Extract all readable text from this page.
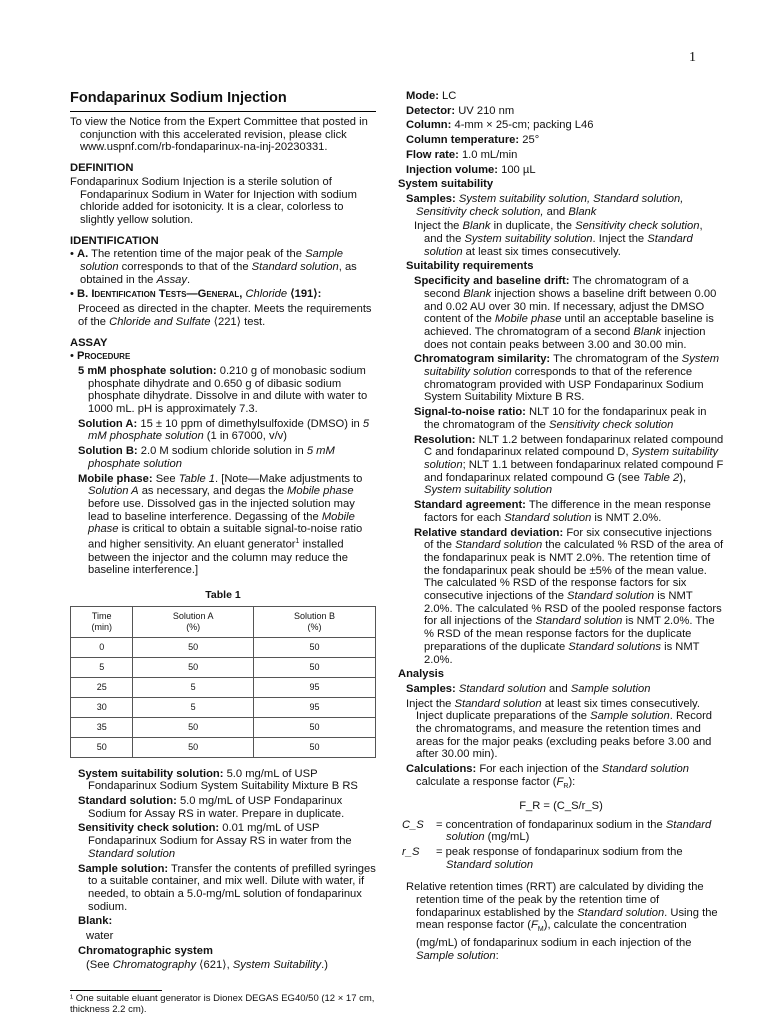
1
Fondaparinux Sodium Injection

To view the Notice from the Expert Committee that posted in conjunction with this accelerated revision, please click www.uspnf.com/rb-fondaparinux-na-inj-20230331.

DEFINITION

Fondaparinux Sodium Injection is a sterile solution of Fondaparinux Sodium in Water for Injection with sodium chloride added for isotonicity. It is a clear, colorless to slightly yellow solution.

IDENTIFICATION

• A. The retention time of the major peak of the Sample solution corresponds to that of the Standard solution, as obtained in the Assay.

• B. Identification Tests—General, Chloride ⟨191⟩:

Proceed as directed in the chapter. Meets the requirements of the Chloride and Sulfate ⟨221⟩ test.

ASSAY

• Procedure

5 mM phosphate solution: 0.210 g of monobasic sodium phosphate dihydrate and 0.650 g of dibasic sodium phosphate dihydrate. Dissolve in and dilute with water to 1000 mL. pH is approximately 7.3.

Solution A: 15 ± 10 ppm of dimethylsulfoxide (DMSO) in 5 mM phosphate solution (1 in 67000, v/v)

Solution B: 2.0 M sodium chloride solution in 5 mM phosphate solution

Mobile phase: See Table 1. [Note—Make adjustments to Solution A as necessary, and degas the Mobile phase before use. Dissolved gas in the injected solution may lead to baseline interference. Degassing of the Mobile phase is critical to obtain a suitable signal-to-noise ratio and higher sensitivity. An eluant generator$^1$ installed between the injector and the column may reduce the baseline interference.]

Table 1
Time
(min)	Solution A
(%)	Solution B
(%)
0	50	50
5	50	50
25	5	95
30	5	95
35	50	50
50	50	50

System suitability solution: 5.0 mg/mL of USP Fondaparinux Sodium System Suitability Mixture B RS

Standard solution: 5.0 mg/mL of USP Fondaparinux Sodium for Assay RS in water. Prepare in duplicate.

Sensitivity check solution: 0.01 mg/mL of USP Fondaparinux Sodium for Assay RS in water from the Standard solution

Sample solution: Transfer the contents of prefilled syringes to a suitable container, and mix well. Dilute with water, if needed, to obtain a 5.0-mg/mL solution of fondaparinux sodium.

Blank:

water

Chromatographic system

(See Chromatography ⟨621⟩, System Suitability.)

¹ One suitable eluant generator is Dionex DEGAS EG40/50 (12 × 17 cm, thickness 2.2 cm).

Mode: LC

Detector: UV 210 nm

Column: 4-mm × 25-cm; packing L46

Column temperature: 25°

Flow rate: 1.0 mL/min

Injection volume: 100 µL

System suitability

Samples: System suitability solution, Standard solution, Sensitivity check solution, and Blank

Inject the Blank in duplicate, the Sensitivity check solution, and the System suitability solution. Inject the Standard solution at least six times consecutively.

Suitability requirements

Specificity and baseline drift: The chromatogram of a second Blank injection shows a baseline drift between 0.00 and 0.02 AU over 30 min. If necessary, adjust the DMSO content of the Mobile phase until an acceptable baseline is achieved. The chromatogram of a second Blank injection does not contain peaks between 3.00 and 30.00 min.

Chromatogram similarity: The chromatogram of the System suitability solution corresponds to that of the reference chromatogram provided with USP Fondaparinux Sodium System Suitability Mixture B RS.

Signal-to-noise ratio: NLT 10 for the fondaparinux peak in the chromatogram of the Sensitivity check solution

Resolution: NLT 1.2 between fondaparinux related compound C and fondaparinux related compound D, System suitability solution; NLT 1.1 between fondaparinux related compound F and fondaparinux related compound G (see Table 2), System suitability solution

Standard agreement: The difference in the mean response factors for each Standard solution is NMT 2.0%.

Relative standard deviation: For six consecutive injections of the Standard solution the calculated % RSD of the area of the fondaparinux peak is NMT 2.0%. The retention time of the fondaparinux peak should be ±5% of the mean value. The calculated % RSD of the response factors for six consecutive injections of the Standard solution is NMT 2.0%. The calculated % RSD of the pooled response factors for all injections of the Standard solution is NMT 2.0%. The % RSD of the mean response factors for the duplicate preparations of the duplicate Standard solutions is NMT 2.0%.

Analysis

Samples: Standard solution and Sample solution

Inject the Standard solution at least six times consecutively. Inject duplicate preparations of the Sample solution. Record the chromatograms, and measure the retention times and areas for the major peaks (excluding peaks before 3.00 and after 30.00 min).

Calculations: For each injection of the Standard solution calculate a response factor $(F_R)$:

F_R = (C_S/r_S)
C_S	= concentration of fondaparinux sodium in the Standard solution (mg/mL)
r_S	= peak response of fondaparinux sodium from the Standard solution

Relative retention times (RRT) are calculated by dividing the retention time of the peak by the retention time of fondaparinux established by the Standard solution. Using the mean response factor $(F_M)$, calculate the concentration (mg/mL) of fondaparinux sodium in each injection of the Sample solution:
